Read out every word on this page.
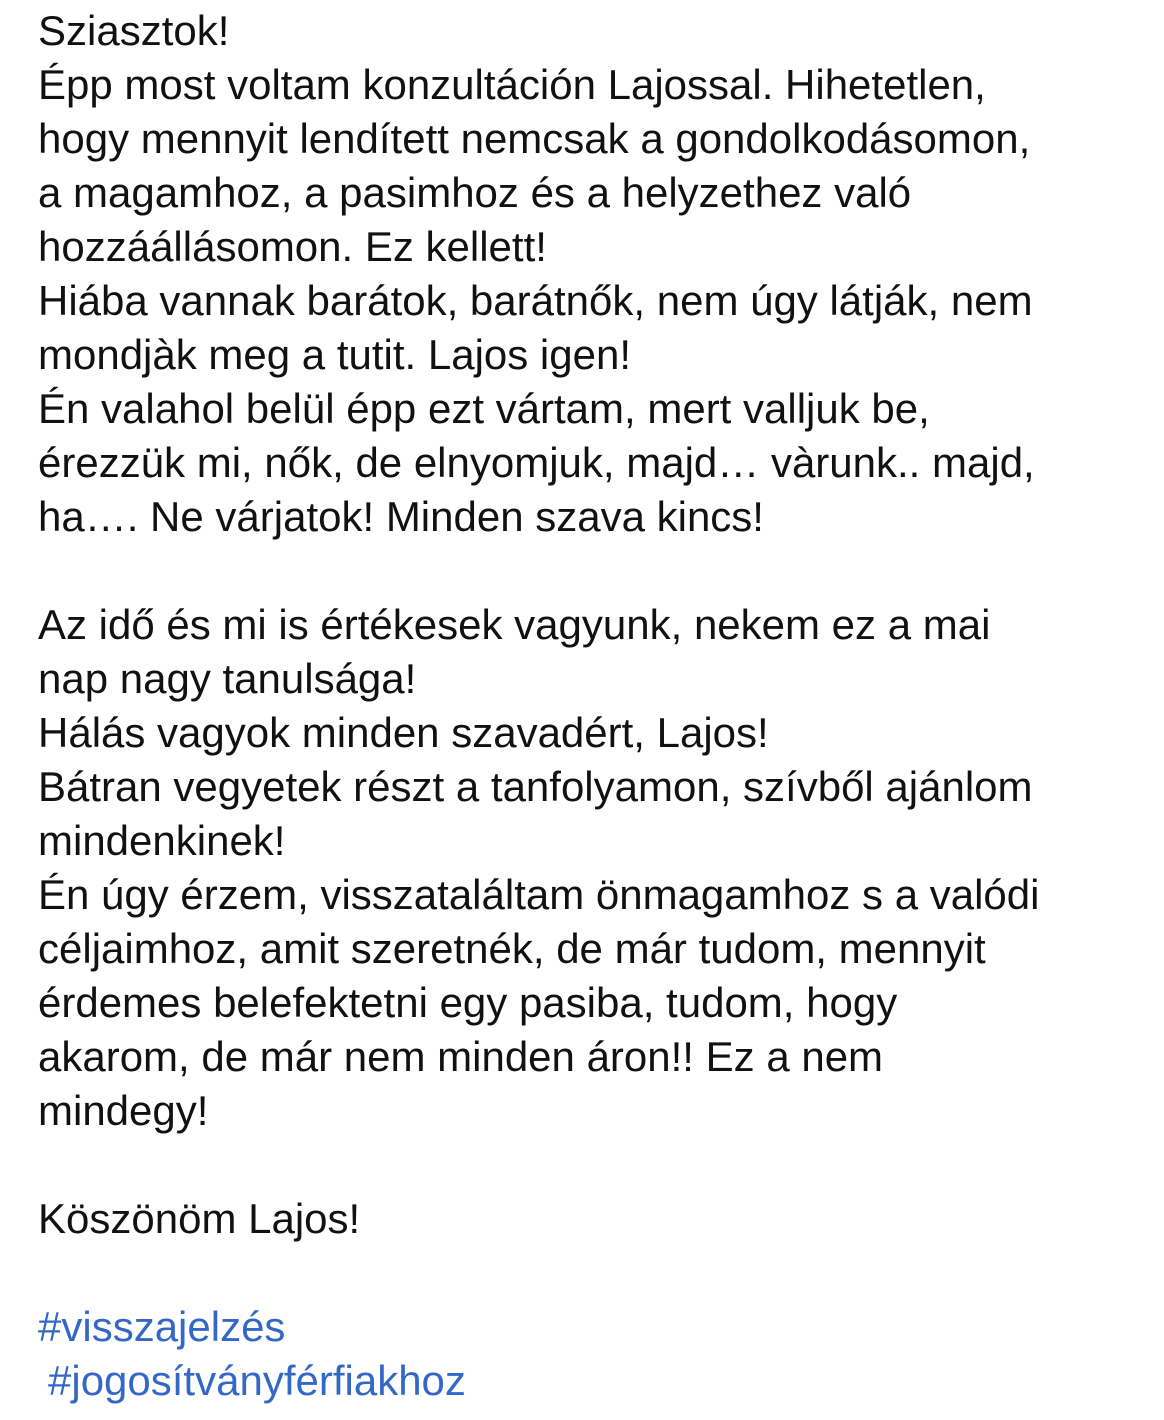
Sziasztok!
Épp most voltam konzultáción Lajossal. Hihetetlen,
hogy mennyit lendített nemcsak a gondolkodásomon,
a magamhoz, a pasimhoz és a helyzethez való
hozzáállásomon. Ez kellett!
Hiába vannak barátok, barátnők, nem úgy látják, nem
mondjàk meg a tutit. Lajos igen!
Én valahol belül épp ezt vártam, mert valljuk be,
érezzük mi, nők, de elnyomjuk, majd… vàrunk.. majd,
ha…. Ne várjatok! Minden szava kincs!
Az idő és mi is értékesek vagyunk, nekem ez a mai
nap nagy tanulsága!
Hálás vagyok minden szavadért, Lajos!
Bátran vegyetek részt a tanfolyamon, szívből ajánlom
mindenkinek!
Én úgy érzem, visszataláltam önmagamhoz s a valódi
céljaimhoz, amit szeretnék, de már tudom, mennyit
érdemes belefektetni egy pasiba, tudom, hogy
akarom, de már nem minden áron!! Ez a nem
mindegy!
Köszönöm Lajos!
#visszajelzés
#jogosítványférfiakhoz
